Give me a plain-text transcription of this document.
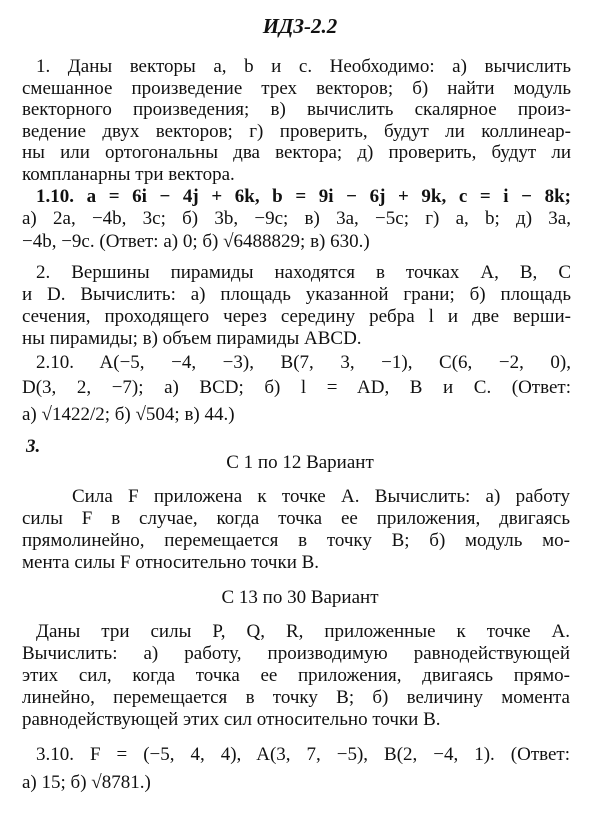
ИДЗ-2.2
1. Даны векторы a, b и c. Необходимо: а) вычислить
смешанное произведение трех векторов; б) найти модуль
векторного произведения; в) вычислить скалярное произ-
ведение двух векторов; г) проверить, будут ли коллинеар-
ны или ортогональны два вектора; д) проверить, будут ли
компланарны три вектора.
1.10. a = 6i − 4j + 6k, b = 9i − 6j + 9k, c = i − 8k;
а) 2a, −4b, 3c; б) 3b, −9c; в) 3a, −5c; г) a, b; д) 3a,
−4b, −9c. (Ответ: а) 0; б) √6488829; в) 630.)
2. Вершины пирамиды находятся в точках A, B, C
и D. Вычислить: а) площадь указанной грани; б) площадь
сечения, проходящего через середину ребра l и две верши-
ны пирамиды; в) объем пирамиды ABCD.
2.10. A(−5, −4, −3), B(7, 3, −1), C(6, −2, 0),
D(3, 2, −7); а) BCD; б) l = AD, B и C. (Ответ:
а) √1422/2; б) √504; в) 44.)
3.
С 1 по 12 Вариант
Сила F приложена к точке A. Вычислить: а) работу
силы F в случае, когда точка ее приложения, двигаясь
прямолинейно, перемещается в точку B; б) модуль мо-
мента силы F относительно точки B.
С 13 по 30 Вариант
Даны три силы P, Q, R, приложенные к точке A.
Вычислить: а) работу, производимую равнодействующей
этих сил, когда точка ее приложения, двигаясь прямо-
линейно, перемещается в точку B; б) величину момента
равнодействующей этих сил относительно точки B.
3.10. F = (−5, 4, 4), A(3, 7, −5), B(2, −4, 1). (Ответ:
а) 15; б) √8781.)
